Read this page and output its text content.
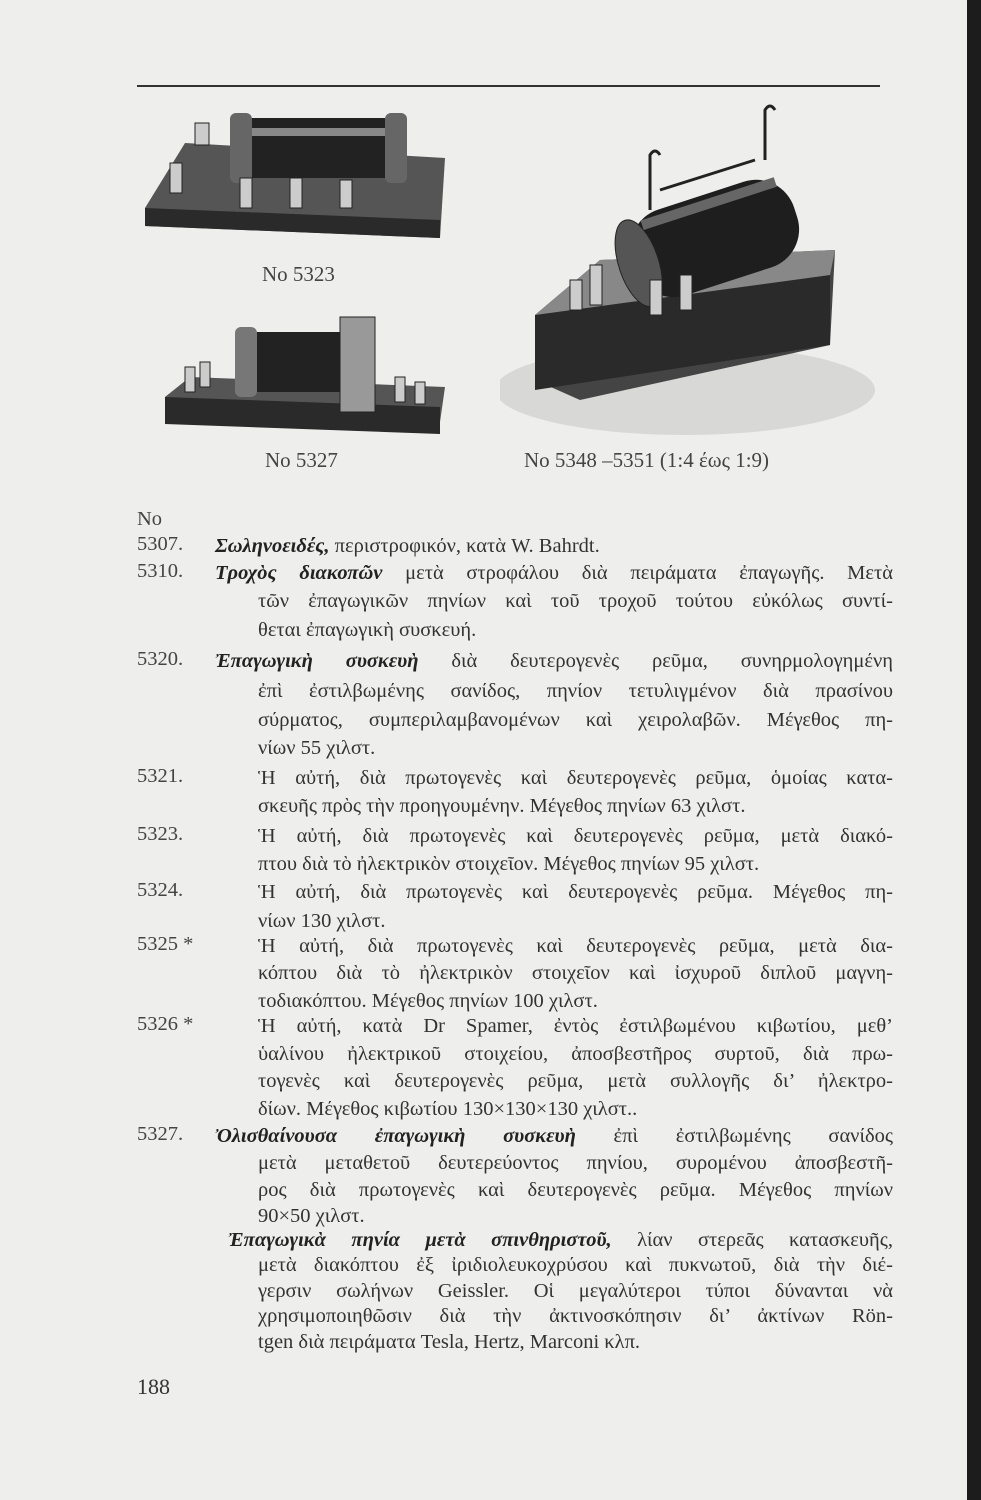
No 5323
No 5327	No 5348 –5351 (1:4 έως 1:9)
No
5307. Σωληνοειδές, περιστροφικόν, κατὰ W. Bahrdt.
5310. Τροχὸς διακοπῶν μετὰ στροφάλου διὰ πειράματα ἐπαγωγῆς. Μετὰ
τῶν ἐπαγωγικῶν πηνίων καὶ τοῦ τροχοῦ τούτου εὐκόλως συντί-
θεται ἐπαγωγικὴ συσκευή.
5320. Ἐπαγωγικὴ συσκευὴ διὰ δευτερογενὲς ρεῦμα, συνηρμολογημένη
ἐπὶ ἐστιλβωμένης σανίδος, πηνίον τετυλιγμένον διὰ πρασίνου
σύρματος, συμπεριλαμβανομένων καὶ χειρολαβῶν. Μέγεθος πη-
νίων 55 χιλστ.
5321.	Ἡ αὐτή, διὰ πρωτογενὲς καὶ δευτερογενὲς ρεῦμα, ὁμοίας κατα-
σκευῆς πρὸς τὴν προηγουμένην. Μέγεθος πηνίων 63 χιλστ.
5323.	Ἡ αὐτή, διὰ πρωτογενὲς καὶ δευτερογενὲς ρεῦμα, μετὰ διακό-
πτου διὰ τὸ ἠλεκτρικὸν στοιχεῖον. Μέγεθος πηνίων 95 χιλστ.
5324.	Ἡ αὐτή, διὰ πρωτογενὲς καὶ δευτερογενὲς ρεῦμα. Μέγεθος πη-
νίων 130 χιλστ.
5325 *	Ἡ αὐτή, διὰ πρωτογενὲς καὶ δευτερογενὲς ρεῦμα, μετὰ δια-
κόπτου διὰ τὸ ἠλεκτρικὸν στοιχεῖον καὶ ἰσχυροῦ διπλοῦ μαγνη-
τοδιακόπτου. Μέγεθος πηνίων 100 χιλστ.
5326 *	Ἡ αὐτή, κατὰ Dr Spamer, ἐντὸς ἐστιλβωμένου κιβωτίου, μεθ’
ὑαλίνου ἠλεκτρικοῦ στοιχείου, ἀποσβεστῆρος συρτοῦ, διὰ πρω-
τογενὲς καὶ δευτερογενὲς ρεῦμα, μετὰ συλλογῆς δι’ ἠλεκτρο-
δίων. Μέγεθος κιβωτίου 130×130×130 χιλστ..
5327. Ὀλισθαίνουσα ἐπαγωγικὴ συσκευὴ ἐπὶ ἐστιλβωμένης σανίδος
μετὰ μεταθετοῦ δευτερεύοντος πηνίου, συρομένου ἀποσβεστῆ-
ρος διὰ πρωτογενὲς καὶ δευτερογενὲς ρεῦμα. Μέγεθος πηνίων
90×50 χιλστ.
Ἐπαγωγικὰ πηνία μετὰ σπινθηριστοῦ, λίαν στερεᾶς κατασκευῆς,
μετὰ διακόπτου ἐξ ἰριδιολευκοχρύσου καὶ πυκνωτοῦ, διὰ τὴν διέ-
γερσιν σωλήνων Geissler. Οἱ μεγαλύτεροι τύποι δύνανται νὰ
χρησιμοποιηθῶσιν διὰ τὴν ἀκτινοσκόπησιν δι’ ἀκτίνων Rön-
tgen διὰ πειράματα Tesla, Hertz, Marconi κλπ.
188
